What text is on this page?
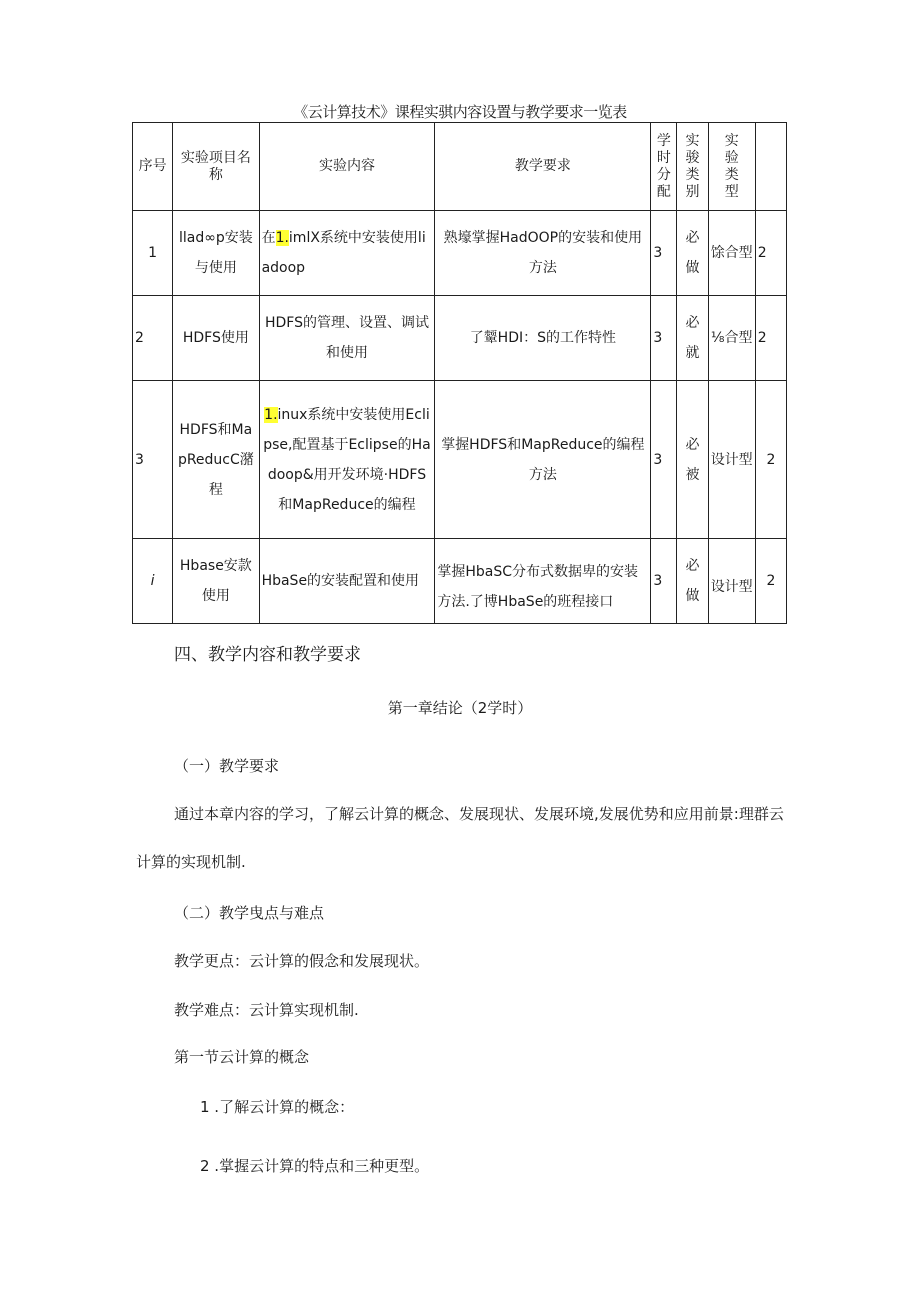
《云计算技术》课程实骐内容设置与教学要求一览表
序号	实验项目名称	实验内容	教学要求	学时分配	实骏类别	实验类型	
1	llad∞p安装与使用	在1.imlX系统中安装使用liadoop	熟壕掌握HadOOP的安装和使用方法	3	必做	馀合型	2
2	HDFS使用	HDFS的管理、设置、调试和使用	了颦HDI：S的工作特性	3	必就	⅛合型	2
3	HDFS和MapReducC潴程	1.inux系统中安装使用Eclipse,配置基于Eclipse的Hadoop&用开发环境·HDFS和MapReduce的编程	掌握HDFS和MapReduce的编程方法	3	必被	设计型	2
i	Hbase安款使用	HbaSe的安装配置和使用	掌握HbaSC分布式数据卑的安装方法.了博HbaSe的班程接口	3	必做	设计型	2
四、教学内容和教学要求
第一章结论（2学时）
（一）教学要求
通过本章内容的学习，了解云计算的概念、发展现状、发展环境,发展优势和应用前景:理群云
计算的实现机制.
（二）教学曳点与难点
教学更点：云计算的假念和发展现状。
教学难点：云计算实现机制.
第一节云计算的概念
1 .了解云计算的概念：
2 .掌握云计算的特点和三种更型。
